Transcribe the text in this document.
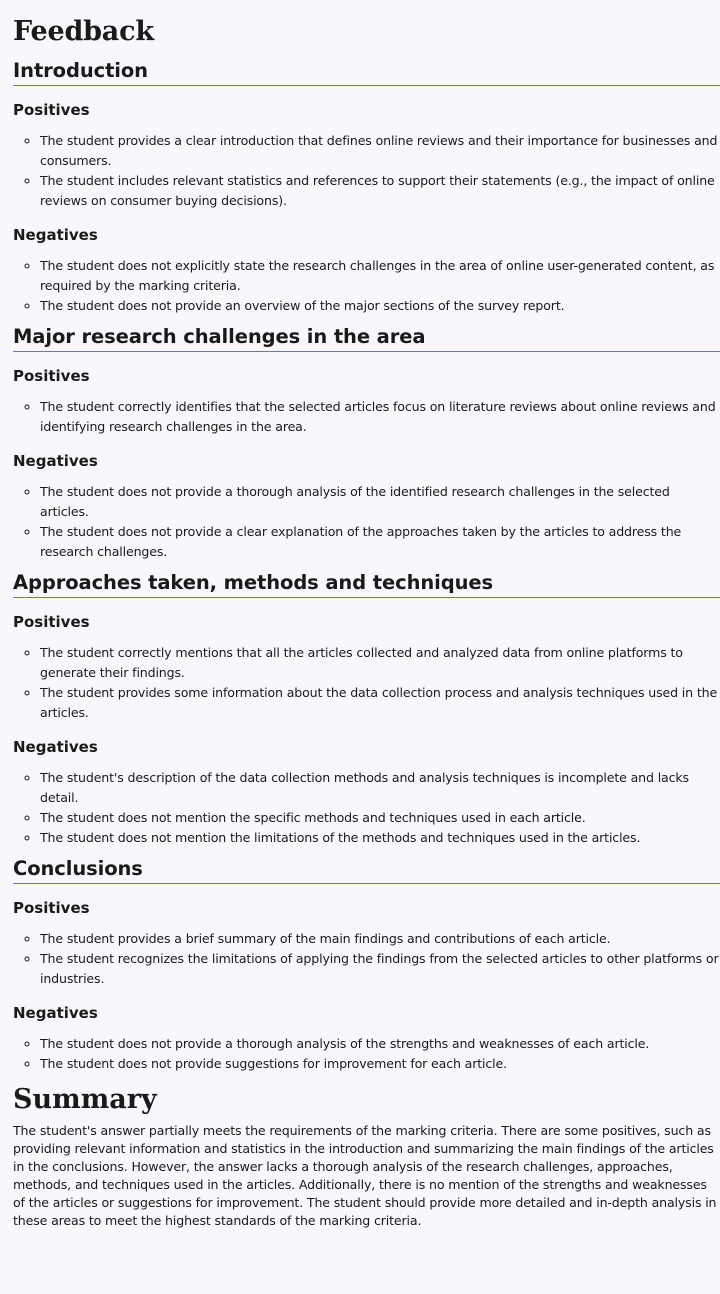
Feedback
Introduction
Positives
◦ The student provides a clear introduction that defines online reviews and their importance for businesses and consumers.
◦ The student includes relevant statistics and references to support their statements (e.g., the impact of online reviews on consumer buying decisions).
Negatives
◦ The student does not explicitly state the research challenges in the area of online user-generated content, as required by the marking criteria.
◦ The student does not provide an overview of the major sections of the survey report.
Major research challenges in the area
Positives
◦ The student correctly identifies that the selected articles focus on literature reviews about online reviews and identifying research challenges in the area.
Negatives
◦ The student does not provide a thorough analysis of the identified research challenges in the selected articles.
◦ The student does not provide a clear explanation of the approaches taken by the articles to address the research challenges.
Approaches taken, methods and techniques
Positives
◦ The student correctly mentions that all the articles collected and analyzed data from online platforms to generate their findings.
◦ The student provides some information about the data collection process and analysis techniques used in the articles.
Negatives
◦ The student's description of the data collection methods and analysis techniques is incomplete and lacks detail.
◦ The student does not mention the specific methods and techniques used in each article.
◦ The student does not mention the limitations of the methods and techniques used in the articles.
Conclusions
Positives
◦ The student provides a brief summary of the main findings and contributions of each article.
◦ The student recognizes the limitations of applying the findings from the selected articles to other platforms or industries.
Negatives
◦ The student does not provide a thorough analysis of the strengths and weaknesses of each article.
◦ The student does not provide suggestions for improvement for each article.
Summary

The student's answer partially meets the requirements of the marking criteria. There are some positives, such as providing relevant information and statistics in the introduction and summarizing the main findings of the articles in the conclusions. However, the answer lacks a thorough analysis of the research challenges, approaches, methods, and techniques used in the articles. Additionally, there is no mention of the strengths and weaknesses of the articles or suggestions for improvement. The student should provide more detailed and in-depth analysis in these areas to meet the highest standards of the marking criteria.
